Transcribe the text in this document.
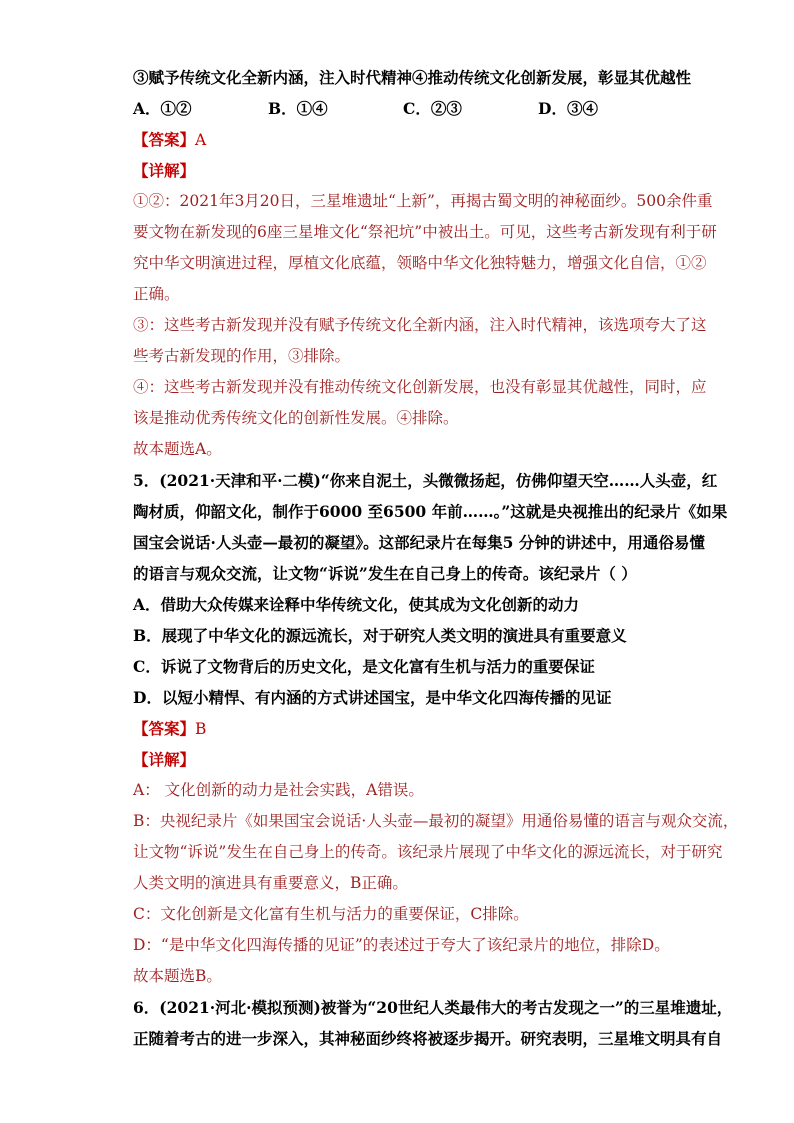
③赋予传统文化全新内涵，注入时代精神④推动传统文化创新发展，彰显其优越性
A．①②	B．①④	C．②③	D．③④
【答案】A
【详解】
①②：2021年3月20日，三星堆遗址“上新”，再揭古蜀文明的神秘面纱。500余件重
要文物在新发现的6座三星堆文化“祭祀坑”中被出土。可见，这些考古新发现有利于研
究中华文明演进过程，厚植文化底蕴，领略中华文化独特魅力，增强文化自信，①②
正确。
③：这些考古新发现并没有赋予传统文化全新内涵，注入时代精神，该选项夸大了这
些考古新发现的作用，③排除。
④：这些考古新发现并没有推动传统文化创新发展，也没有彰显其优越性，同时，应
该是推动优秀传统文化的创新性发展。④排除。
故本题选A。
5．(2021·天津和平·二模)“你来自泥土，头微微扬起，仿佛仰望天空……人头壶，红
陶材质，仰韶文化，制作于6000 至6500 年前……。”这就是央视推出的纪录片《如果
国宝会说话·人头壶—最初的凝望》。这部纪录片在每集5 分钟的讲述中，用通俗易懂
的语言与观众交流，让文物“诉说”发生在自己身上的传奇。该纪录片（ ）
A．借助大众传媒来诠释中华传统文化，使其成为文化创新的动力
B．展现了中华文化的源远流长，对于研究人类文明的演进具有重要意义
C．诉说了文物背后的历史文化，是文化富有生机与活力的重要保证
D．以短小精悍、有内涵的方式讲述国宝，是中华文化四海传播的见证
【答案】B
【详解】
A： 文化创新的动力是社会实践，A错误。
B：央视纪录片《如果国宝会说话·人头壶—最初的凝望》用通俗易懂的语言与观众交流，
让文物“诉说”发生在自己身上的传奇。该纪录片展现了中华文化的源远流长，对于研究
人类文明的演进具有重要意义，B正确。
C：文化创新是文化富有生机与活力的重要保证，C排除。
D：“是中华文化四海传播的见证”的表述过于夸大了该纪录片的地位，排除D。
故本题选B。
6．(2021·河北·模拟预测)被誉为“20世纪人类最伟大的考古发现之一”的三星堆遗址，
正随着考古的进一步深入，其神秘面纱终将被逐步揭开。研究表明，三星堆文明具有自
